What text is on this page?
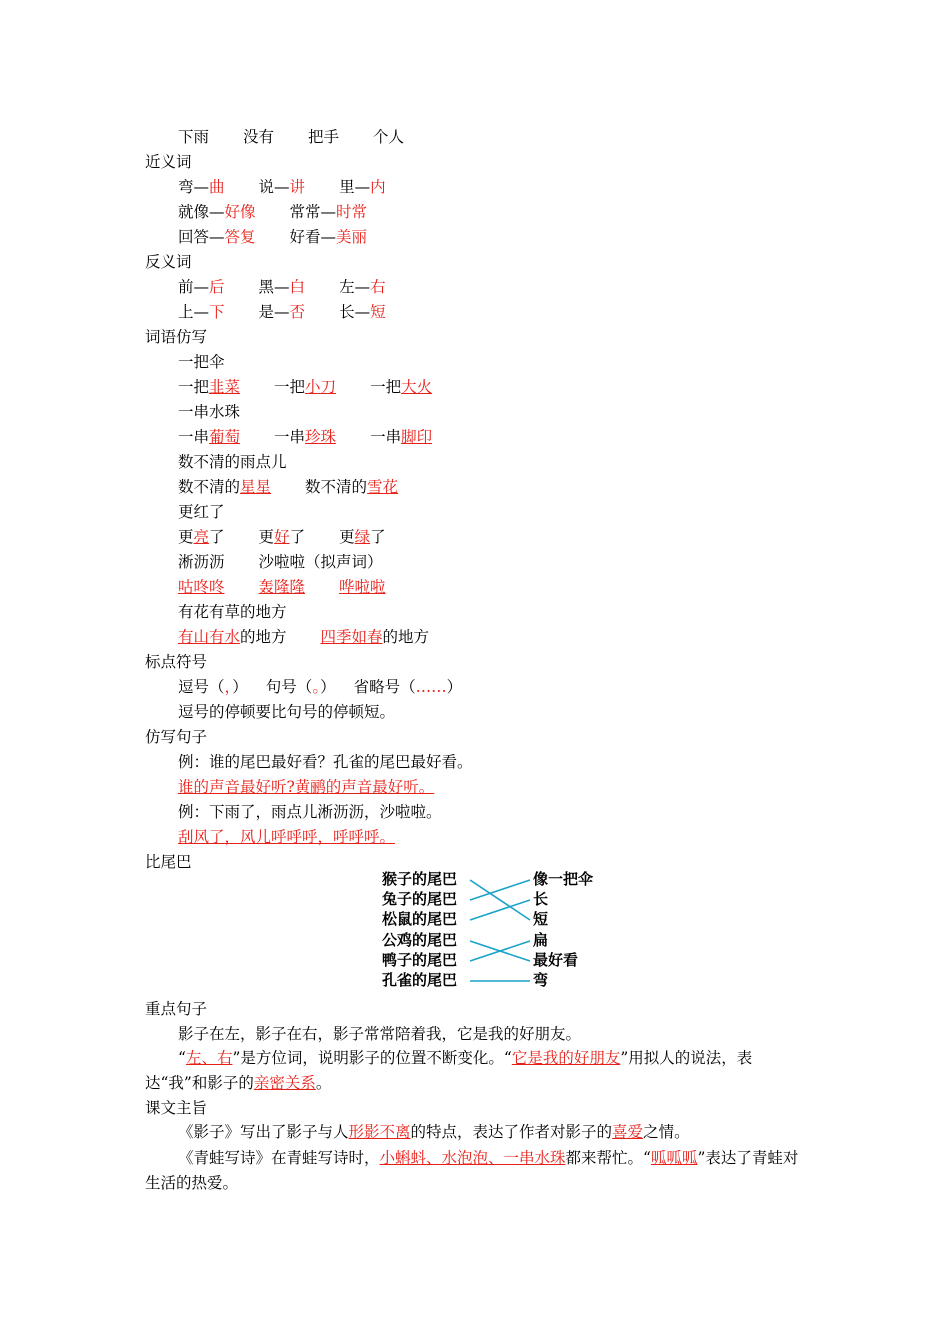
下雨 没有 把手 个人
近义词
弯—曲 说—讲 里—内
就像—好像 常常—时常
回答—答复 好看—美丽
反义词
前—后 黑—白 左—右
上—下 是—否 长—短
词语仿写
一把伞
一把韭菜 一把小刀 一把大火
一串水珠
一串葡萄 一串珍珠 一串脚印
数不清的雨点儿
数不清的星星 数不清的雪花
更红了
更亮了 更好了 更绿了
淅沥沥 沙啦啦（拟声词）
咕咚咚 轰隆隆 哗啦啦
有花有草的地方
有山有水的地方 四季如春的地方
标点符号
逗号（，） 句号（。） 省略号（……）
逗号的停顿要比句号的停顿短。
仿写句子
例：谁的尾巴最好看？孔雀的尾巴最好看。
谁的声音最好听?黄鹂的声音最好听。
例：下雨了，雨点儿淅沥沥，沙啦啦。
刮风了，风儿呼呼呼，呼呼呼。
比尾巴
猴子的尾巴
兔子的尾巴
松鼠的尾巴
公鸡的尾巴
鸭子的尾巴
孔雀的尾巴
像一把伞
长
短
扁
最好看
弯
重点句子
影子在左，影子在右，影子常常陪着我，它是我的好朋友。
“左、右”是方位词，说明影子的位置不断变化。“它是我的好朋友”用拟人的说法，表达“我”和影子的亲密关系。
课文主旨
《影子》写出了影子与人形影不离的特点，表达了作者对影子的喜爱之情。
《青蛙写诗》在青蛙写诗时，小蝌蚪、水泡泡、一串水珠都来帮忙。“呱呱呱”表达了青蛙对生活的热爱。
